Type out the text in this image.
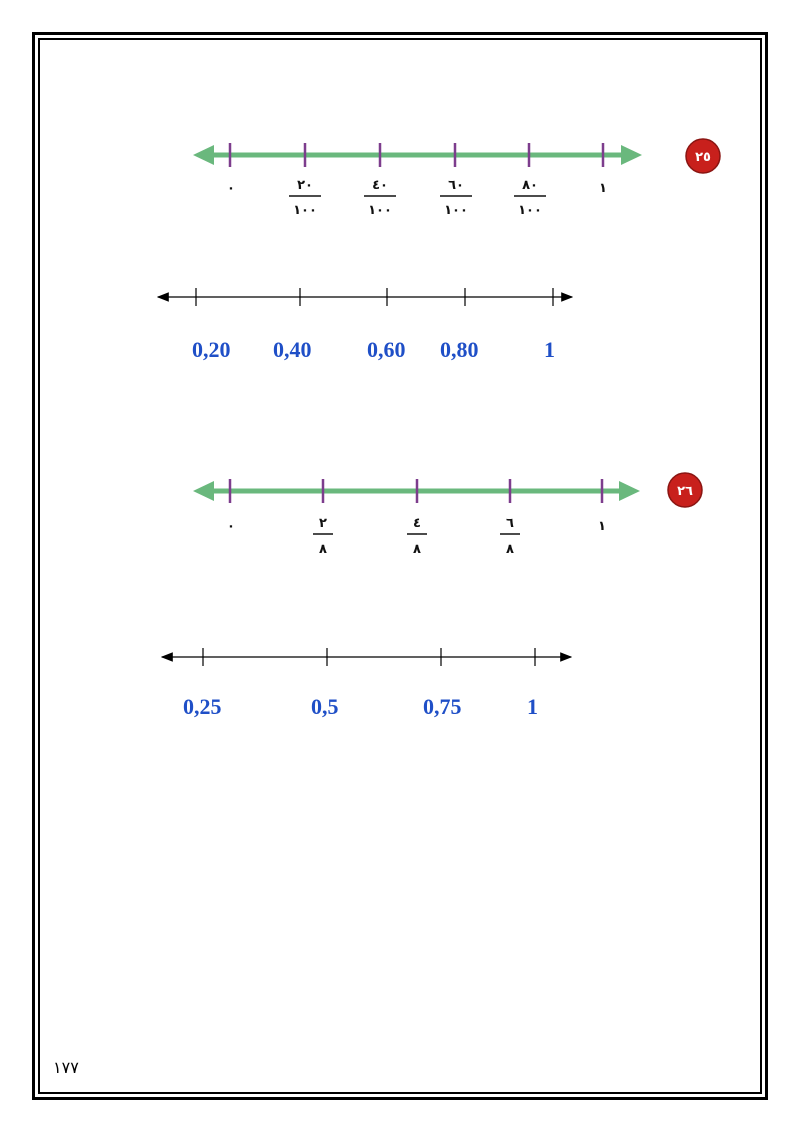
٢٥
٠	٢٠
١٠٠
٤٠
١٠٠
٦٠
١٠٠
٨٠
١٠٠
١
0,20 0,40	0,60 0,80	1
٢٦
٠	٢
٨
٤
٨
٦
٨
١
0,25	0,5	0,75	1
١٧٧
